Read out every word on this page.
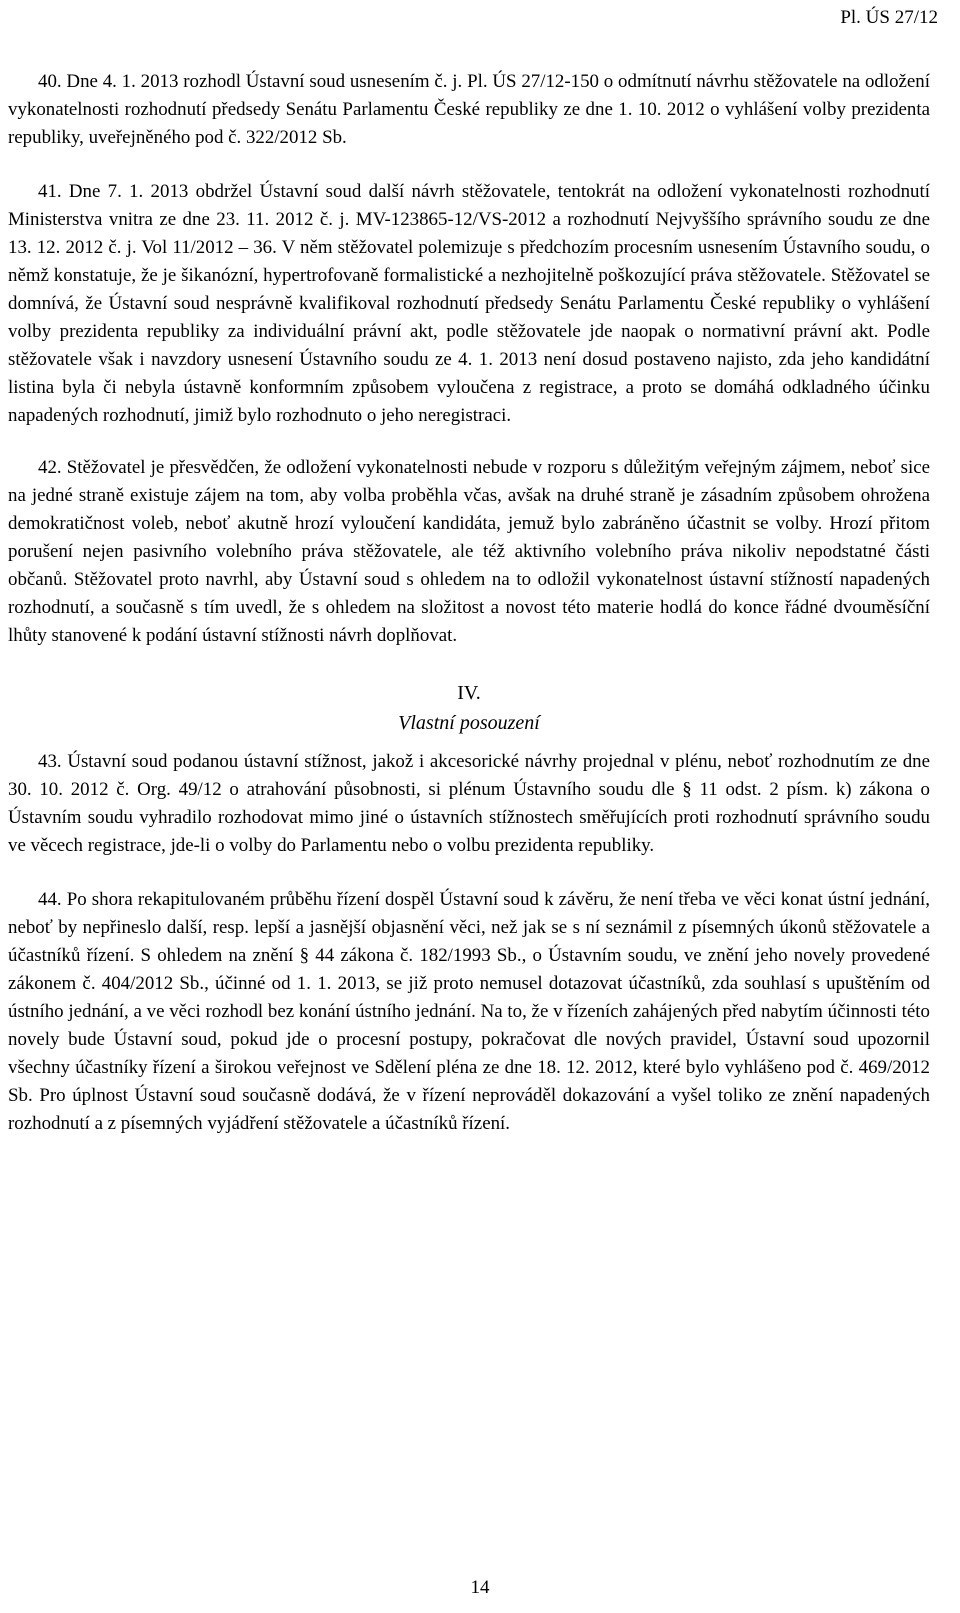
Pl. ÚS 27/12

40. Dne 4. 1. 2013 rozhodl Ústavní soud usnesením č. j. Pl. ÚS 27/12-150 o odmítnutí návrhu stěžovatele na odložení vykonatelnosti rozhodnutí předsedy Senátu Parlamentu České republiky ze dne 1. 10. 2012 o vyhlášení volby prezidenta republiky, uveřejněného pod č. 322/2012 Sb.

41. Dne 7. 1. 2013 obdržel Ústavní soud další návrh stěžovatele, tentokrát na odložení vykonatelnosti rozhodnutí Ministerstva vnitra ze dne 23. 11. 2012 č. j. MV-123865-12/VS-2012 a rozhodnutí Nejvyššího správního soudu ze dne 13. 12. 2012 č. j. Vol 11/2012 – 36. V něm stěžovatel polemizuje s předchozím procesním usnesením Ústavního soudu, o němž konstatuje, že je šikanózní, hypertrofovaně formalistické a nezhojitelně poškozující práva stěžovatele. Stěžovatel se domnívá, že Ústavní soud nesprávně kvalifikoval rozhodnutí předsedy Senátu Parlamentu České republiky o vyhlášení volby prezidenta republiky za individuální právní akt, podle stěžovatele jde naopak o normativní právní akt. Podle stěžovatele však i navzdory usnesení Ústavního soudu ze 4. 1. 2013 není dosud postaveno najisto, zda jeho kandidátní listina byla či nebyla ústavně konformním způsobem vyloučena z registrace, a proto se domáhá odkladného účinku napadených rozhodnutí, jimiž bylo rozhodnuto o jeho neregistraci.

42. Stěžovatel je přesvědčen, že odložení vykonatelnosti nebude v rozporu s důležitým veřejným zájmem, neboť sice na jedné straně existuje zájem na tom, aby volba proběhla včas, avšak na druhé straně je zásadním způsobem ohrožena demokratičnost voleb, neboť akutně hrozí vyloučení kandidáta, jemuž bylo zabráněno účastnit se volby. Hrozí přitom porušení nejen pasivního volebního práva stěžovatele, ale též aktivního volebního práva nikoliv nepodstatné části občanů. Stěžovatel proto navrhl, aby Ústavní soud s ohledem na to odložil vykonatelnost ústavní stížností napadených rozhodnutí, a současně s tím uvedl, že s ohledem na složitost a novost této materie hodlá do konce řádné dvouměsíční lhůty stanovené k podání ústavní stížnosti návrh doplňovat.

IV.
Vlastní posouzení

43. Ústavní soud podanou ústavní stížnost, jakož i akcesorické návrhy projednal v plénu, neboť rozhodnutím ze dne 30. 10. 2012 č. Org. 49/12 o atrahování působnosti, si plénum Ústavního soudu dle § 11 odst. 2 písm. k) zákona o Ústavním soudu vyhradilo rozhodovat mimo jiné o ústavních stížnostech směřujících proti rozhodnutí správního soudu ve věcech registrace, jde-li o volby do Parlamentu nebo o volbu prezidenta republiky.

44. Po shora rekapitulovaném průběhu řízení dospěl Ústavní soud k závěru, že není třeba ve věci konat ústní jednání, neboť by nepřineslo další, resp. lepší a jasnější objasnění věci, než jak se s ní seznámil z písemných úkonů stěžovatele a účastníků řízení. S ohledem na znění § 44 zákona č. 182/1993 Sb., o Ústavním soudu, ve znění jeho novely provedené zákonem č. 404/2012 Sb., účinné od 1. 1. 2013, se již proto nemusel dotazovat účastníků, zda souhlasí s upuštěním od ústního jednání, a ve věci rozhodl bez konání ústního jednání. Na to, že v řízeních zahájených před nabytím účinnosti této novely bude Ústavní soud, pokud jde o procesní postupy, pokračovat dle nových pravidel, Ústavní soud upozornil všechny účastníky řízení a širokou veřejnost ve Sdělení pléna ze dne 18. 12. 2012, které bylo vyhlášeno pod č. 469/2012 Sb. Pro úplnost Ústavní soud současně dodává, že v řízení neprováděl dokazování a vyšel toliko ze znění napadených rozhodnutí a z písemných vyjádření stěžovatele a účastníků řízení.

14
